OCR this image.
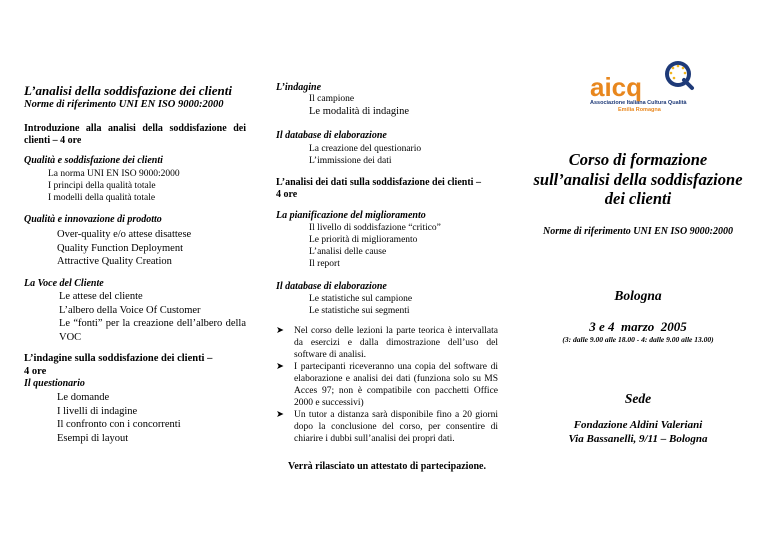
L’analisi della soddisfazione dei clienti
Norme di riferimento UNI EN ISO 9000:2000
Introduzione alla analisi della soddisfazione dei clienti – 4 ore
Qualità e soddisfazione dei clienti
La norma UNI EN ISO 9000:2000
I principi della qualità totale
I modelli della qualità totale
Qualità e innovazione di prodotto
Over-quality e/o attese disattese
Quality Function Deployment
Attractive Quality Creation
La Voce del Cliente
Le attese del cliente
L’albero della Voice Of Customer
Le “fonti” per la creazione dell’albero della VOC
L’indagine sulla soddisfazione dei clienti –
4 ore
Il questionario
Le domande
I livelli di indagine
Il confronto con i concorrenti
Esempi di layout
L’indagine
Il campione
Le modalità di indagine
Il database di elaborazione
La creazione del questionario
L’immissione dei dati
L’analisi dei dati sulla soddisfazione dei clienti –
4 ore
La pianificazione del miglioramento
Il livello di soddisfazione “critico”
Le priorità di miglioramento
L’analisi delle cause
Il report
Il database di elaborazione
Le statistiche sul campione
Le statistiche sui segmenti
➤ Nel corso delle lezioni la parte teorica è intervallata da esercizi e dalla dimostrazione dell’uso del software di analisi.
➤ I partecipanti riceveranno una copia del software di elaborazione e analisi dei dati (funziona solo su MS Acces 97; non è compatibile con pacchetti Office 2000 e successivi)
➤ Un tutor a distanza sarà disponibile fino a 20 giorni dopo la conclusione del corso, per consentire di chiarire i dubbi sull’analisi dei propri dati.
Verrà rilasciato un attestato di partecipazione.
aicq
Associazione Italiana Cultura Qualità
Emilia Romagna
Corso di formazione
sull’analisi della soddisfazione
dei clienti
Norme di riferimento UNI EN ISO 9000:2000
Bologna
3 e 4  marzo  2005
(3: dalle 9.00 alle 18.00 - 4: dalle 9.00 alle 13.00)
Sede
Fondazione Aldini Valeriani
Via Bassanelli, 9/11 – Bologna
